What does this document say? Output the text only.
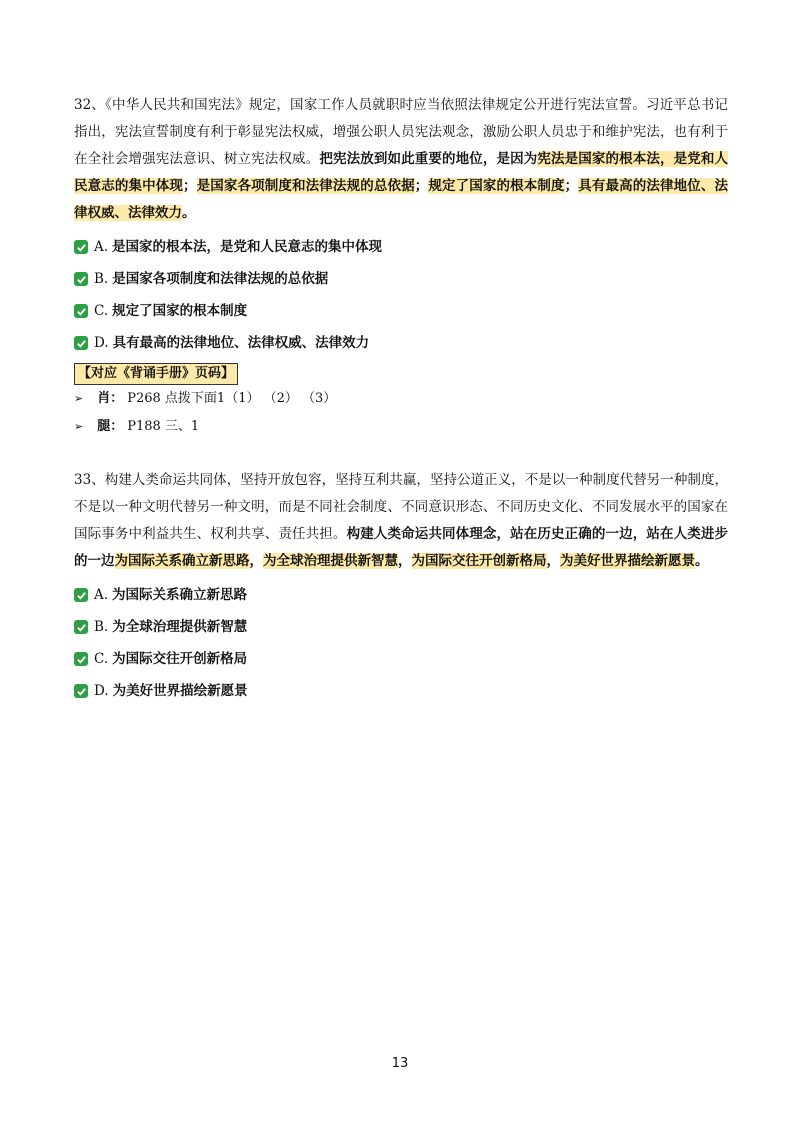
32、《中华人民共和国宪法》规定，国家工作人员就职时应当依照法律规定公开进行宪法宣誓。习近平总书记指出，宪法宣誓制度有利于彰显宪法权威，增强公职人员宪法观念，激励公职人员忠于和维护宪法，也有利于在全社会增强宪法意识、树立宪法权威。把宪法放到如此重要的地位，是因为宪法是国家的根本法，是党和人民意志的集中体现；是国家各项制度和法律法规的总依据；规定了国家的根本制度；具有最高的法律地位、法律权威、法律效力。

A. 是国家的根本法，是党和人民意志的集中体现
B. 是国家各项制度和法律法规的总依据
C. 规定了国家的根本制度
D. 具有最高的法律地位、法律权威、法律效力
【对应《背诵手册》页码】
➢ 肖： P268 点拨下面1（1） （2） （3）
➢ 腿： P188 三、1

33、构建人类命运共同体，坚持开放包容，坚持互利共赢，坚持公道正义，不是以一种制度代替另一种制度，不是以一种文明代替另一种文明，而是不同社会制度、不同意识形态、不同历史文化、不同发展水平的国家在国际事务中利益共生、权利共享、责任共担。构建人类命运共同体理念，站在历史正确的一边，站在人类进步的一边为国际关系确立新思路，为全球治理提供新智慧，为国际交往开创新格局，为美好世界描绘新愿景。

A. 为国际关系确立新思路
B. 为全球治理提供新智慧
C. 为国际交往开创新格局
D. 为美好世界描绘新愿景
13
